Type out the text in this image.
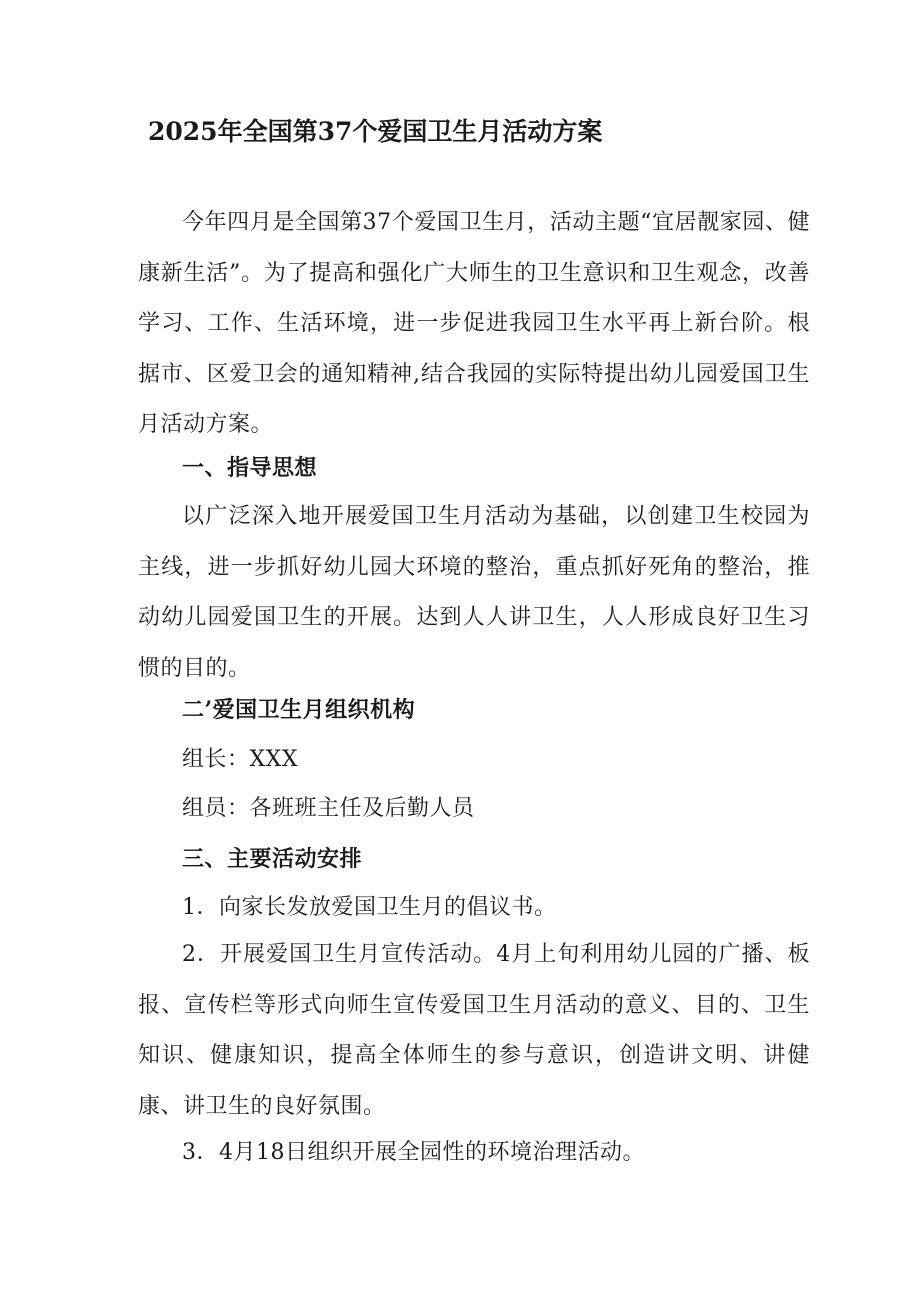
2025年全国第37个爱国卫生月活动方案

今年四月是全国第37个爱国卫生月，活动主题“宜居靓家园、健康新生活”。为了提高和强化广大师生的卫生意识和卫生观念，改善学习、工作、生活环境，进一步促进我园卫生水平再上新台阶。根据市、区爱卫会的通知精神,结合我园的实际特提出幼儿园爱国卫生月活动方案。

一、指导思想

以广泛深入地开展爱国卫生月活动为基础，以创建卫生校园为主线，进一步抓好幼儿园大环境的整治，重点抓好死角的整治，推动幼儿园爱国卫生的开展。达到人人讲卫生，人人形成良好卫生习惯的目的。

二’爱国卫生月组织机构

组长：XXX

组员：各班班主任及后勤人员

三、主要活动安排

1．向家长发放爱国卫生月的倡议书。

2．开展爱国卫生月宣传活动。4月上旬利用幼儿园的广播、板报、宣传栏等形式向师生宣传爱国卫生月活动的意义、目的、卫生知识、健康知识，提高全体师生的参与意识，创造讲文明、讲健康、讲卫生的良好氛围。

3．4月18日组织开展全园性的环境治理活动。
